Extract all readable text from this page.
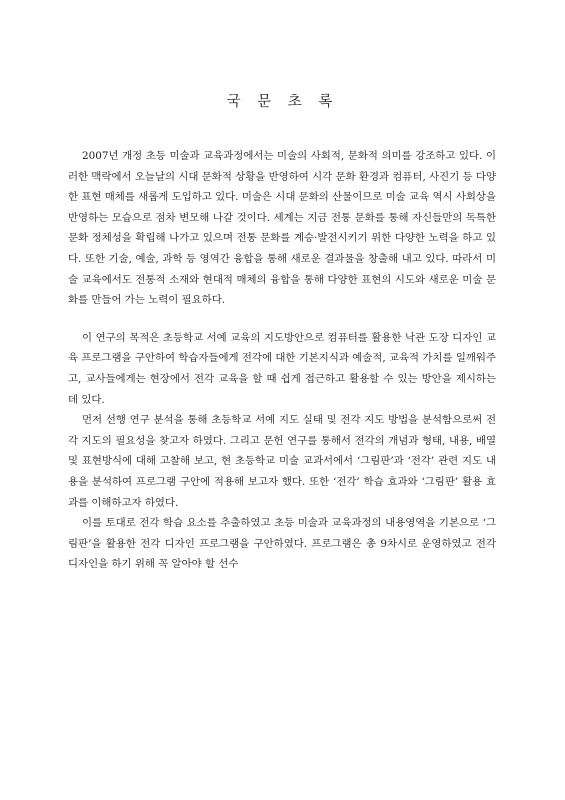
국 문 초 록

2007년 개정 초등 미술과 교육과정에서는 미술의 사회적, 문화적 의미를 강조하고 있다. 이러한 맥락에서 오늘날의 시대 문화적 상황을 반영하여 시각 문화 환경과 컴퓨터, 사진기 등 다양한 표현 매체를 새롭게 도입하고 있다. 미술은 시대 문화의 산물이므로 미술 교육 역시 사회상을 반영하는 모습으로 점차 변모해 나갈 것이다. 세계는 지금 전통 문화를 통해 자신들만의 독특한 문화 정체성을 확립해 나가고 있으며 전통 문화를 계승·발전시키기 위한 다양한 노력을 하고 있다. 또한 기술, 예술, 과학 등 영역간 융합을 통해 새로운 결과물을 창출해 내고 있다. 따라서 미술 교육에서도 전통적 소재와 현대적 매체의 융합을 통해 다양한 표현의 시도와 새로운 미술 문화를 만들어 가는 노력이 필요하다.

이 연구의 목적은 초등학교 서예 교육의 지도방안으로 컴퓨터를 활용한 낙관 도장 디자인 교육 프로그램을 구안하여 학습자들에게 전각에 대한 기본지식과 예술적, 교육적 가치를 일깨워주고, 교사들에게는 현장에서 전각 교육을 할 때 쉽게 접근하고 활용할 수 있는 방안을 제시하는 데 있다.

먼저 선행 연구 분석을 통해 초등학교 서예 지도 실태 및 전각 지도 방법을 분석함으로써 전각 지도의 필요성을 찾고자 하였다. 그리고 문헌 연구를 통해서 전각의 개념과 형태, 내용, 배열 및 표현방식에 대해 고찰해 보고, 현 초등학교 미술 교과서에서 ‘그림판’과 ‘전각’ 관련 지도 내용을 분석하여 프로그램 구안에 적용해 보고자 했다. 또한 ‘전각’ 학습 효과와 ‘그림판’ 활용 효과를 이해하고자 하였다.

이를 토대로 전각 학습 요소를 추출하였고 초등 미술과 교육과정의 내용영역을 기본으로 ‘그림판’을 활용한 전각 디자인 프로그램을 구안하였다. 프로그램은 총 9차시로 운영하였고 전각 디자인을 하기 위해 꼭 알아야 할 선수
